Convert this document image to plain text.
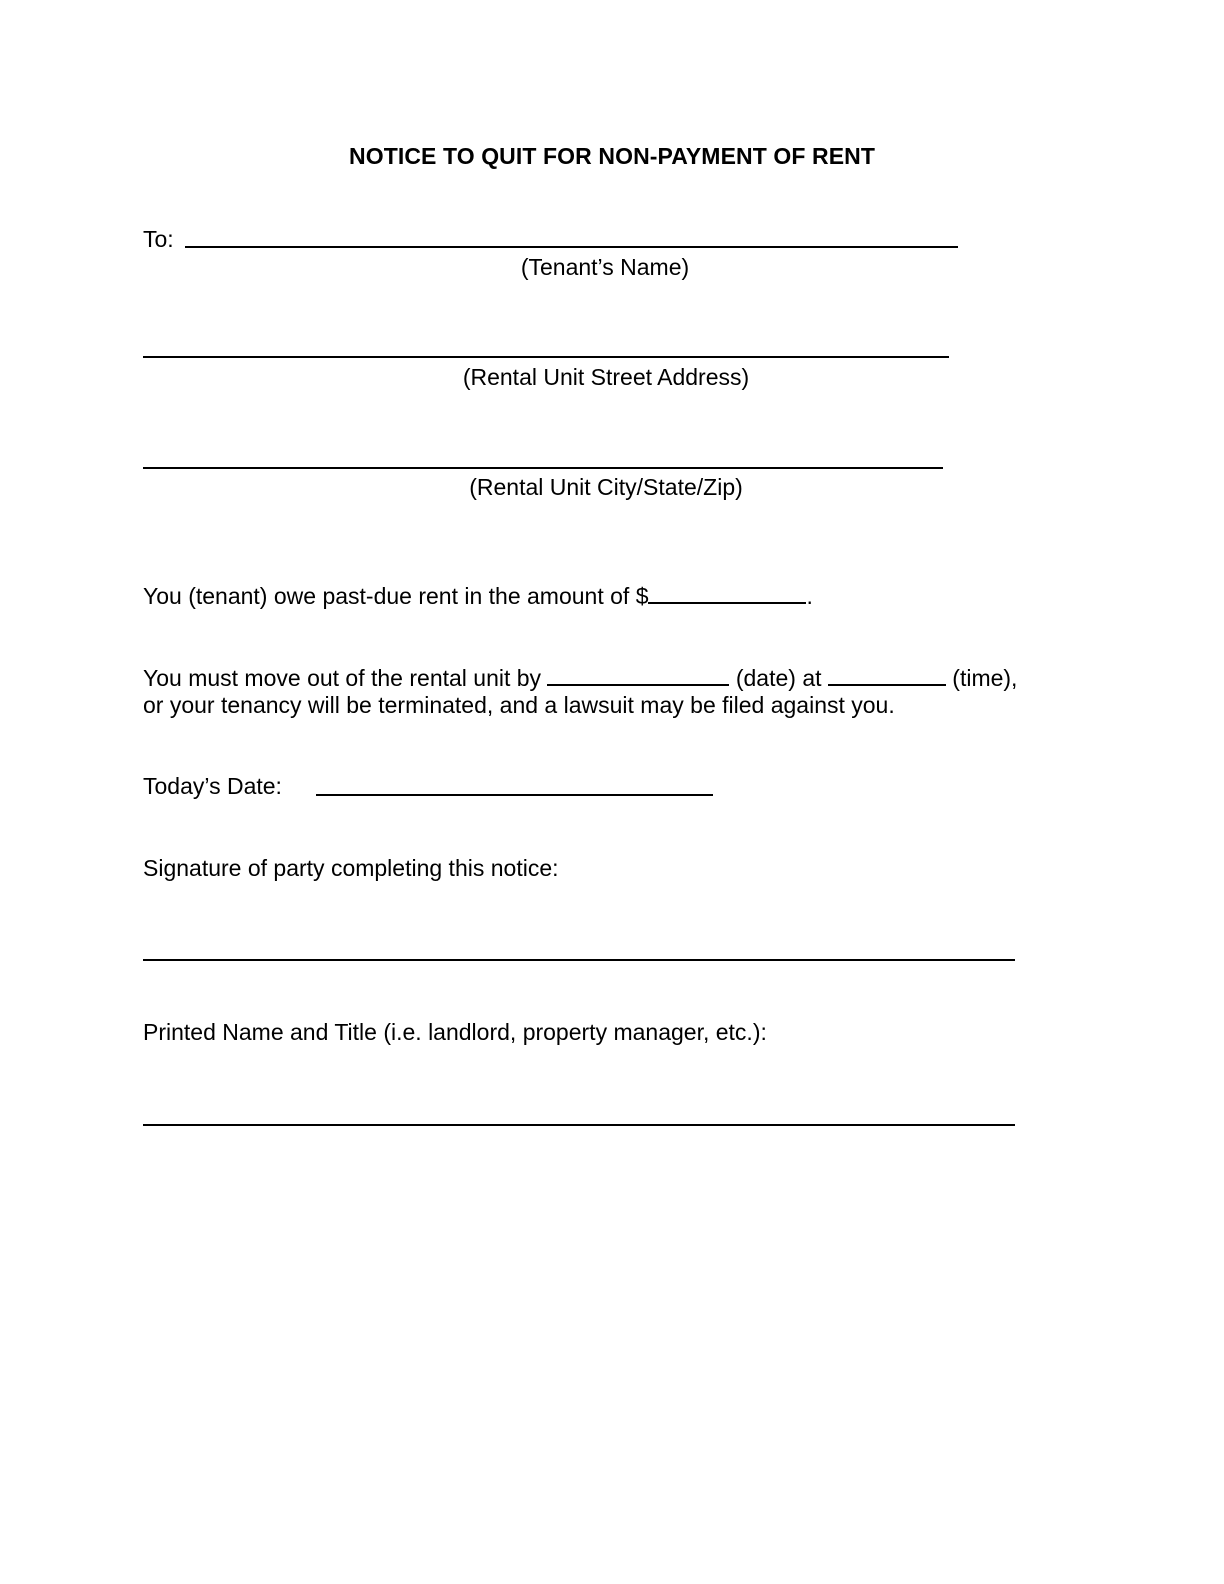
NOTICE TO QUIT FOR NON-PAYMENT OF RENT
To:
(Tenant’s Name)
(Rental Unit Street Address)
(Rental Unit City/State/Zip)
You (tenant) owe past-due rent in the amount of $	.
You must move out of the rental unit by	(date) at	(time),
or your tenancy will be terminated, and a lawsuit may be filed against you.
Today’s Date:
Signature of party completing this notice:
Printed Name and Title (i.e. landlord, property manager, etc.):
